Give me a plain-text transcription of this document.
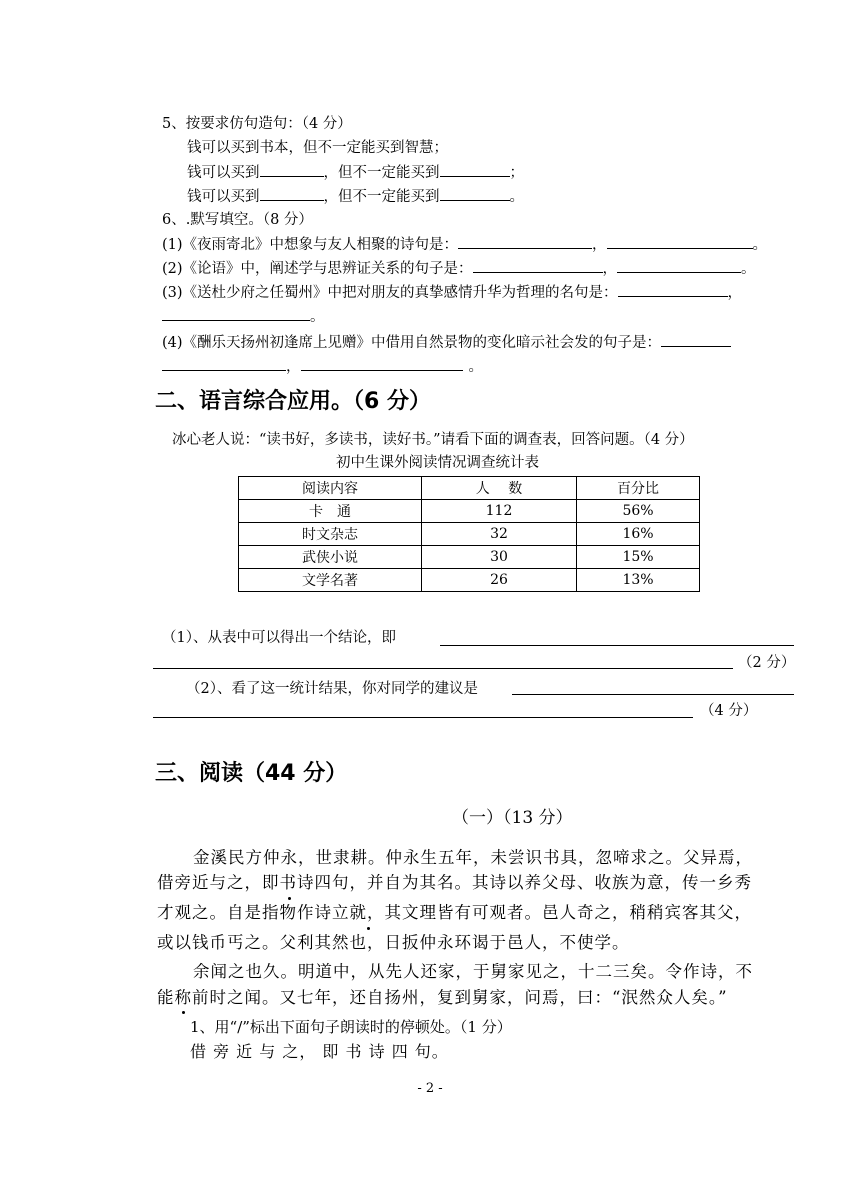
5、按要求仿句造句：（4 分）
钱可以买到书本，但不一定能买到智慧；
钱可以买到	，但不一定能买到	；
钱可以买到	，但不一定能买到	。
6、.默写填空。（8 分）
(1)《夜雨寄北》中想象与友人相聚的诗句是：	，	。
(2)《论语》中，阐述学与思辨证关系的句子是：	，	。
(3)《送杜少府之任蜀州》中把对朋友的真挚感情升华为哲理的名句是：	，
。
(4)《酬乐天扬州初逢席上见赠》中借用自然景物的变化暗示社会发的句子是：
，	。
二、语言综合应用。（6 分）
冰心老人说：“读书好，多读书，读好书。”请看下面的调查表，回答问题。（4 分）
初中生课外阅读情况调查统计表
阅读内容	人　 数	百分比
卡　通	112	56%
时文杂志	32	16%
武侠小说	30	15%
文学名著	26	13%
（1）、从表中可以得出一个结论，即
（2 分）
（2）、看了这一统计结果，你对同学的建议是
（4 分）
三、阅读（44 分）
（一）（13 分）
金溪民方仲永，世隶耕。仲永生五年，未尝识书具，忽啼求之。父异焉，
借旁近与之，即书诗四句，并自为其名。其诗以养父母、收族为意，传一乡秀
才观之。自是指物作诗立就，其文理皆有可观者。邑人奇之，稍稍宾客其父，
或以钱币丐之。父利其然也，日扳仲永环谒于邑人，不使学。
余闻之也久。明道中，从先人还家，于舅家见之，十二三矣。令作诗，不
能称前时之闻。又七年，还自扬州，复到舅家，问焉，曰：“泯然众人矣。”
1、用“/”标出下面句子朗读时的停顿处。（1 分）
借 旁 近 与 之， 即 书 诗 四 句。
- 2 -
